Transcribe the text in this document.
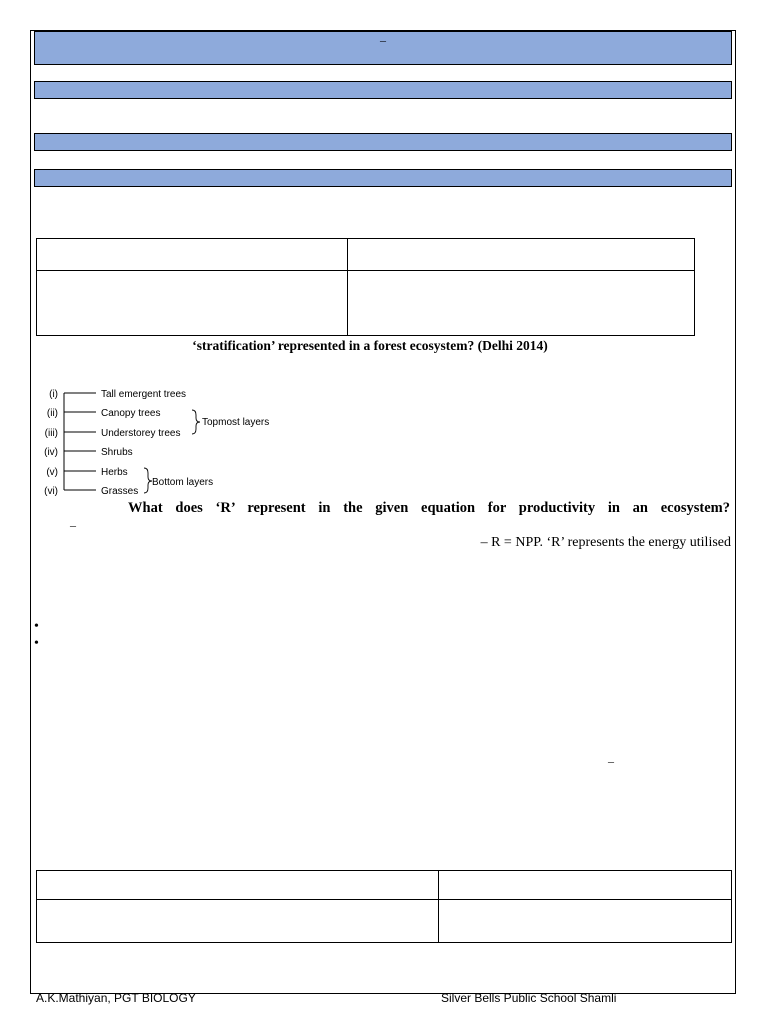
–

‘stratification’ represented in a forest ecosystem? (Delhi 2014)
(i)
(ii)
(iii)
(iv)
(v)
(vi)
Tall emergent trees
Canopy trees
Understorey trees
Shrubs
Herbs
Grasses
Topmost layers
Bottom layers
What does ‘R’ represent in the given equation for productivity in an ecosystem?
–
– R = NPP. ‘R’ represents the energy utilised
•
•
–

A.K.Mathiyan, PGT BIOLOGY	Silver Bells Public School Shamli
